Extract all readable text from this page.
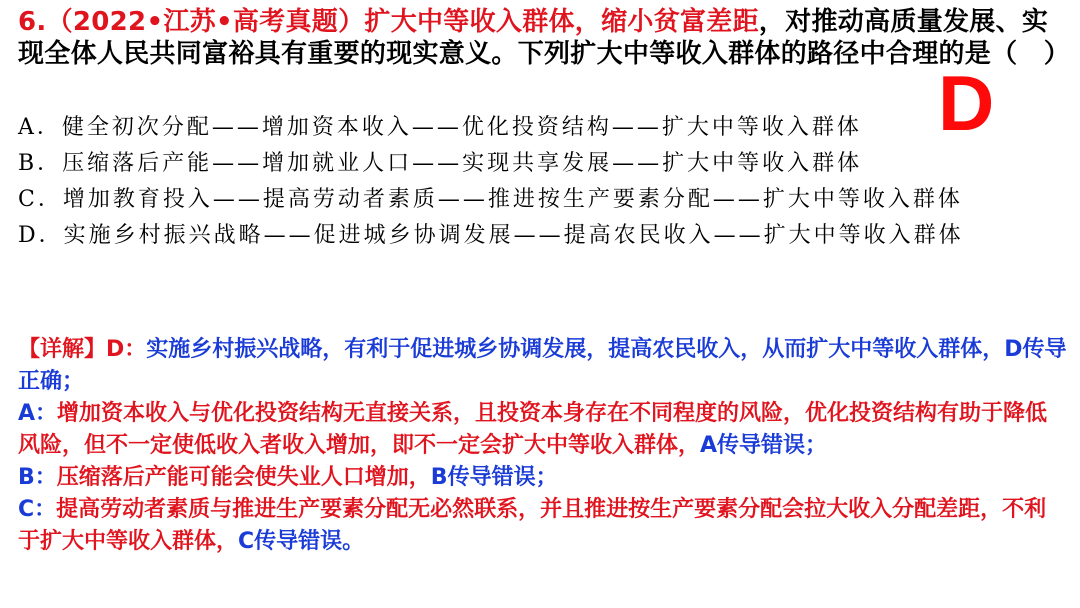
6.（2022•江苏•高考真题）扩大中等收入群体，缩小贫富差距，对推动高质量发展、实现全体人民共同富裕具有重要的现实意义。下列扩大中等收入群体的路径中合理的是（　）

A．健全初次分配——增加资本收入——优化投资结构——扩大中等收入群体

B．压缩落后产能——增加就业人口——实现共享发展——扩大中等收入群体

C．增加教育投入——提高劳动者素质——推进按生产要素分配——扩大中等收入群体

D．实施乡村振兴战略——促进城乡协调发展——提高农民收入——扩大中等收入群体

D

【详解】D：实施乡村振兴战略，有利于促进城乡协调发展，提高农民收入，从而扩大中等收入群体，D传导正确；

A：增加资本收入与优化投资结构无直接关系，且投资本身存在不同程度的风险，优化投资结构有助于降低风险，但不一定使低收入者收入增加，即不一定会扩大中等收入群体，A传导错误；

B：压缩落后产能可能会使失业人口增加，B传导错误；

C：提高劳动者素质与推进生产要素分配无必然联系，并且推进按生产要素分配会拉大收入分配差距，不利于扩大中等收入群体，C传导错误。
